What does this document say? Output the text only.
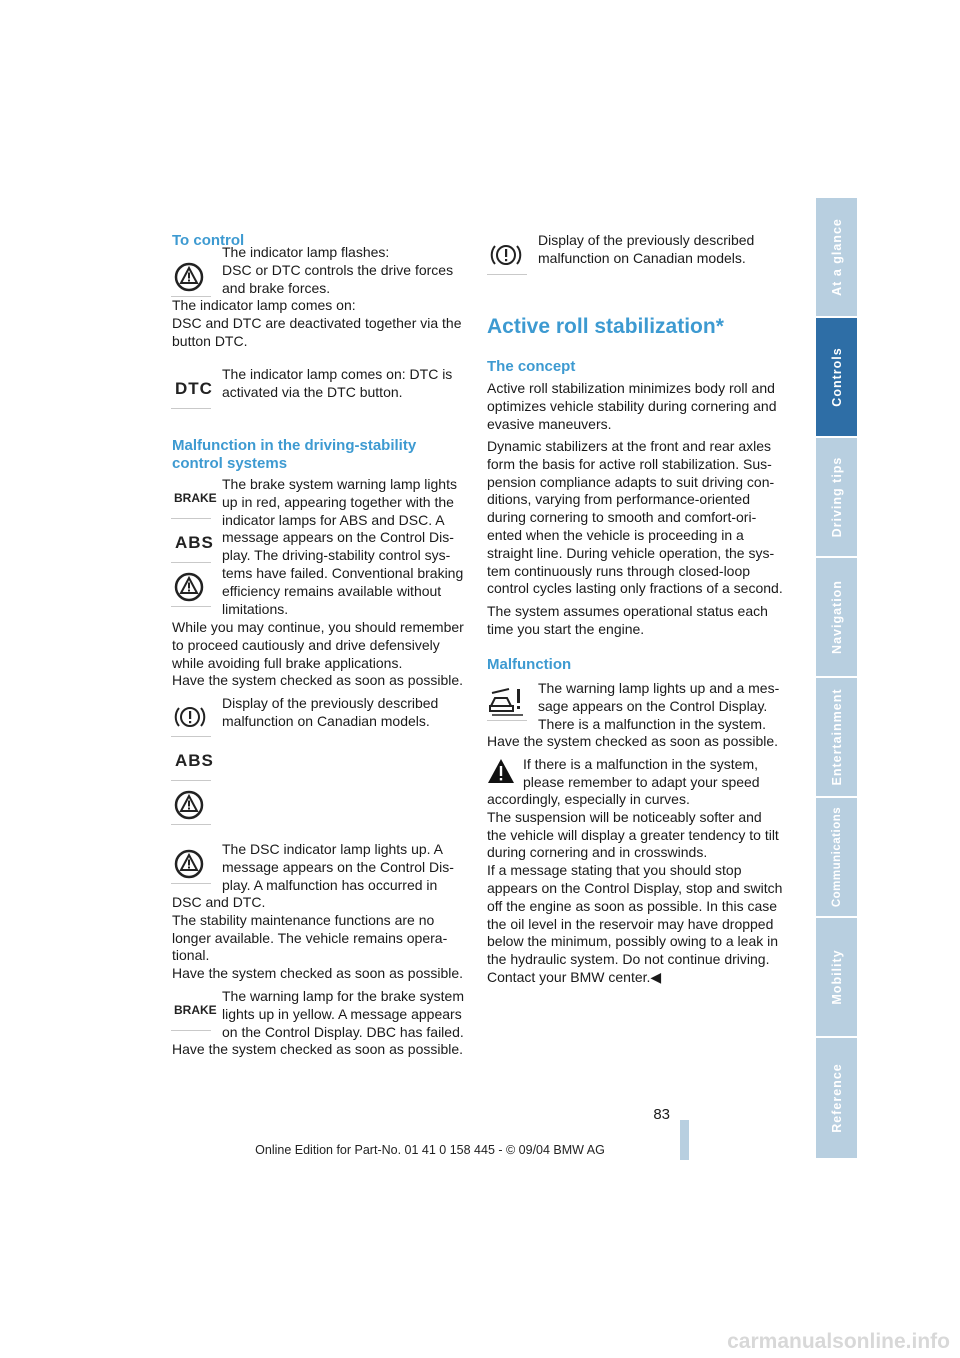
To control

The indicator lamp flashes:

DSC or DTC controls the drive forces

and brake forces.

The indicator lamp comes on:

DSC and DTC are deactivated together via the

button DTC.

DTC

The indicator lamp comes on: DTC is

activated via the DTC button.

Malfunction in the driving-stability
control systems
BRAKE
ABS

The brake system warning lamp lights

up in red, appearing together with the

indicator lamps for ABS and DSC. A

message appears on the Control Dis-

play. The driving-stability control sys-

tems have failed. Conventional braking

efficiency remains available without

limitations.

While you may continue, you should remember

to proceed cautiously and drive defensively

while avoiding full brake applications.

Have the system checked as soon as possible.

Display of the previously described

malfunction on Canadian models.

ABS

The DSC indicator lamp lights up. A

message appears on the Control Dis-

play. A malfunction has occurred in

DSC and DTC.

The stability maintenance functions are no

longer available. The vehicle remains opera-

tional.

Have the system checked as soon as possible.

BRAKE

The warning lamp for the brake system

lights up in yellow. A message appears

on the Control Display. DBC has failed.

Have the system checked as soon as possible.

Display of the previously described

malfunction on Canadian models.

Active roll stabilization*
The concept

Active roll stabilization minimizes body roll and

optimizes vehicle stability during cornering and

evasive maneuvers.

Dynamic stabilizers at the front and rear axles

form the basis for active roll stabilization. Sus-

pension compliance adapts to suit driving con-

ditions, varying from performance-oriented

during cornering to smooth and comfort-ori-

ented when the vehicle is proceeding in a

straight line. During vehicle operation, the sys-

tem continuously runs through closed-loop

control cycles lasting only fractions of a second.

The system assumes operational status each

time you start the engine.

Malfunction

The warning lamp lights up and a mes-

sage appears on the Control Display.

There is a malfunction in the system.

Have the system checked as soon as possible.

If there is a malfunction in the system,

please remember to adapt your speed

accordingly, especially in curves.

The suspension will be noticeably softer and

the vehicle will display a greater tendency to tilt

during cornering and in crosswinds.

If a message stating that you should stop

appears on the Control Display, stop and switch

off the engine as soon as possible. In this case

the oil level in the reservoir may have dropped

below the minimum, possibly owing to a leak in

the hydraulic system. Do not continue driving.

Contact your BMW center.◀

At a glance
Controls
Driving tips
Navigation
Entertainment
Communications
Mobility
Reference
83
Online Edition for Part-No. 01 41 0 158 445 - © 09/04 BMW AG
carmanualsonline.info
